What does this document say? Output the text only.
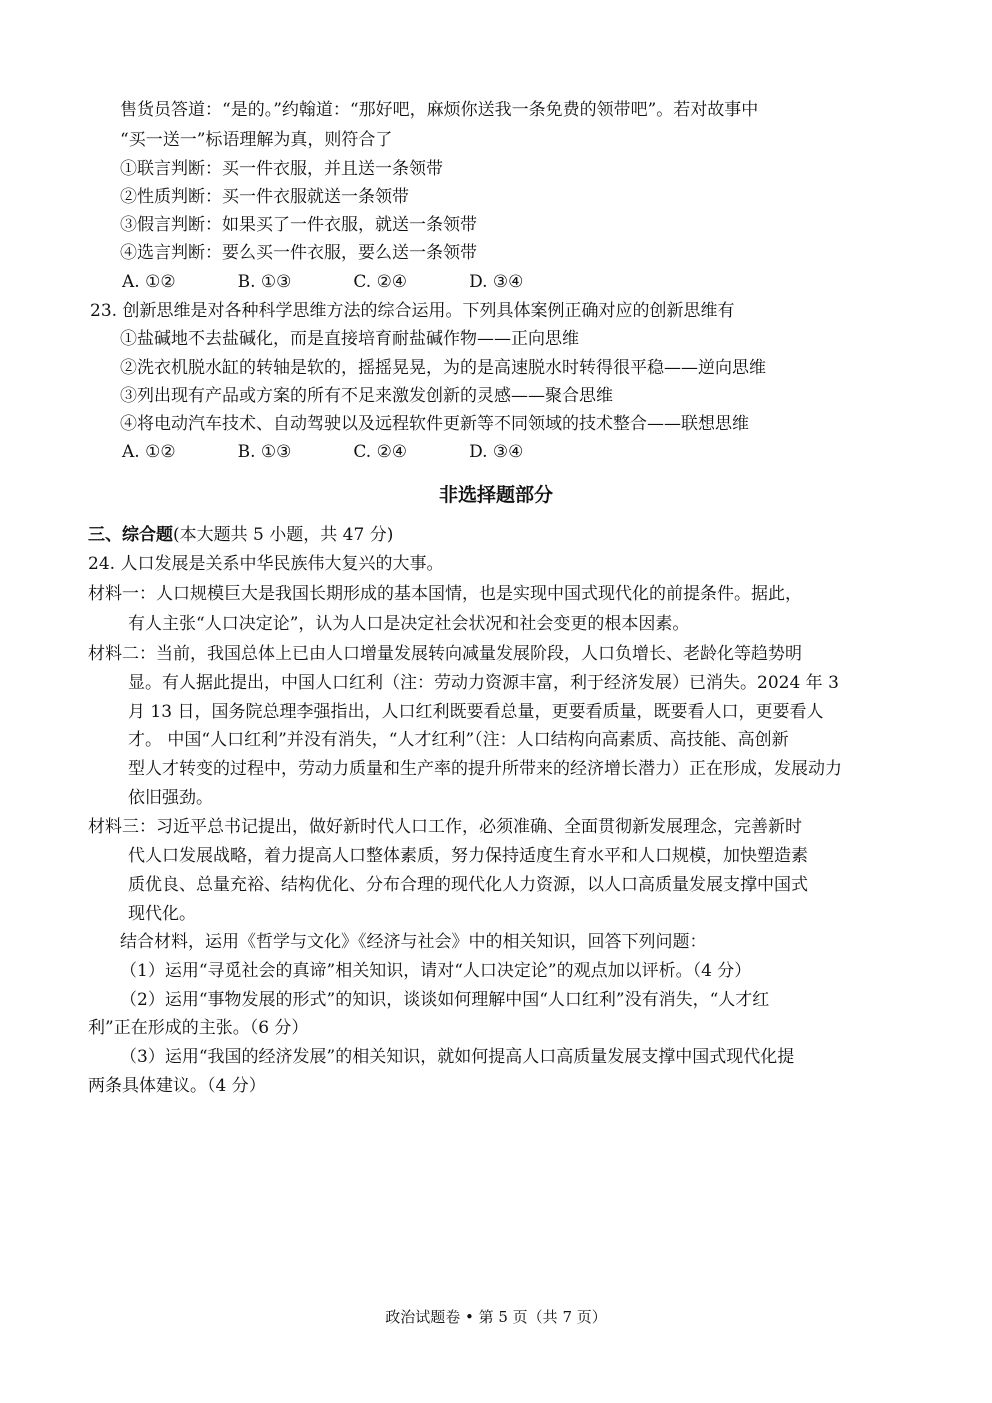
售货员答道：“是的。”约翰道：“那好吧，麻烦你送我一条免费的领带吧”。若对故事中
“买一送一”标语理解为真，则符合了
①联言判断：买一件衣服，并且送一条领带
②性质判断：买一件衣服就送一条领带
③假言判断：如果买了一件衣服，就送一条领带
④选言判断：要么买一件衣服，要么送一条领带
A. ①②	B. ①③	C. ②④	D. ③④
23. 创新思维是对各种科学思维方法的综合运用。下列具体案例正确对应的创新思维有
①盐碱地不去盐碱化，而是直接培育耐盐碱作物——正向思维
②洗衣机脱水缸的转轴是软的，摇摇晃晃，为的是高速脱水时转得很平稳——逆向思维
③列出现有产品或方案的所有不足来激发创新的灵感——聚合思维
④将电动汽车技术、自动驾驶以及远程软件更新等不同领域的技术整合——联想思维
A. ①②	B. ①③	C. ②④	D. ③④
非选择题部分
三、综合题(本大题共 5 小题，共 47 分)
24. 人口发展是关系中华民族伟大复兴的大事。
材料一：人口规模巨大是我国长期形成的基本国情，也是实现中国式现代化的前提条件。据此，
有人主张“人口决定论”，认为人口是决定社会状况和社会变更的根本因素。
材料二：当前，我国总体上已由人口增量发展转向减量发展阶段，人口负增长、老龄化等趋势明
显。有人据此提出，中国人口红利（注：劳动力资源丰富，利于经济发展）已消失。2024 年 3
月 13 日，国务院总理李强指出，人口红利既要看总量，更要看质量，既要看人口，更要看人
才。 中国“人口红利”并没有消失，“人才红利”（注：人口结构向高素质、高技能、高创新
型人才转变的过程中，劳动力质量和生产率的提升所带来的经济增长潜力）正在形成，发展动力
依旧强劲。
材料三：习近平总书记提出，做好新时代人口工作，必须准确、全面贯彻新发展理念，完善新时
代人口发展战略，着力提高人口整体素质，努力保持适度生育水平和人口规模，加快塑造素
质优良、总量充裕、结构优化、分布合理的现代化人力资源，以人口高质量发展支撑中国式
现代化。
结合材料，运用《哲学与文化》《经济与社会》中的相关知识，回答下列问题：
（1）运用“寻觅社会的真谛”相关知识，请对“人口决定论”的观点加以评析。（4 分）
（2）运用“事物发展的形式”的知识，谈谈如何理解中国“人口红利”没有消失，“人才红
利”正在形成的主张。（6 分）
（3）运用“我国的经济发展”的相关知识，就如何提高人口高质量发展支撑中国式现代化提
两条具体建议。（4 分）
政治试题卷 • 第 5 页（共 7 页）
